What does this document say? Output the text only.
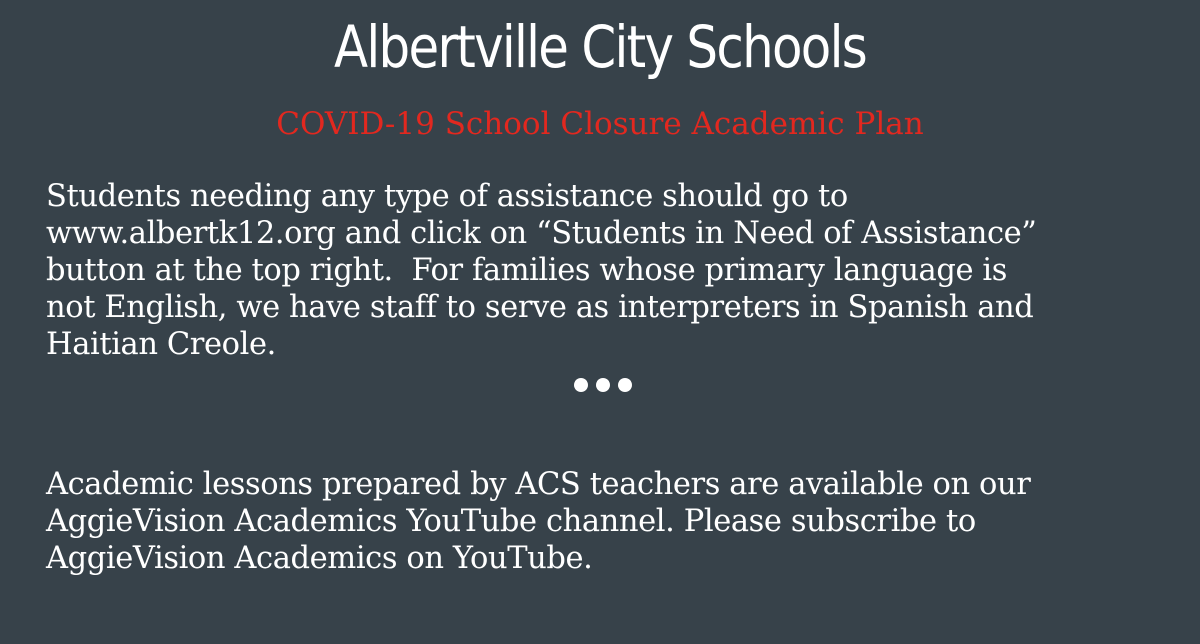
Albertville City Schools
COVID-19 School Closure Academic Plan
Students needing any type of assistance should go to
www.albertk12.org and click on “Students in Need of Assistance”
button at the top right.  For families whose primary language is
not English, we have staff to serve as interpreters in Spanish and
Haitian Creole.
Academic lessons prepared by ACS teachers are available on our
AggieVision Academics YouTube channel. Please subscribe to
AggieVision Academics on YouTube.
